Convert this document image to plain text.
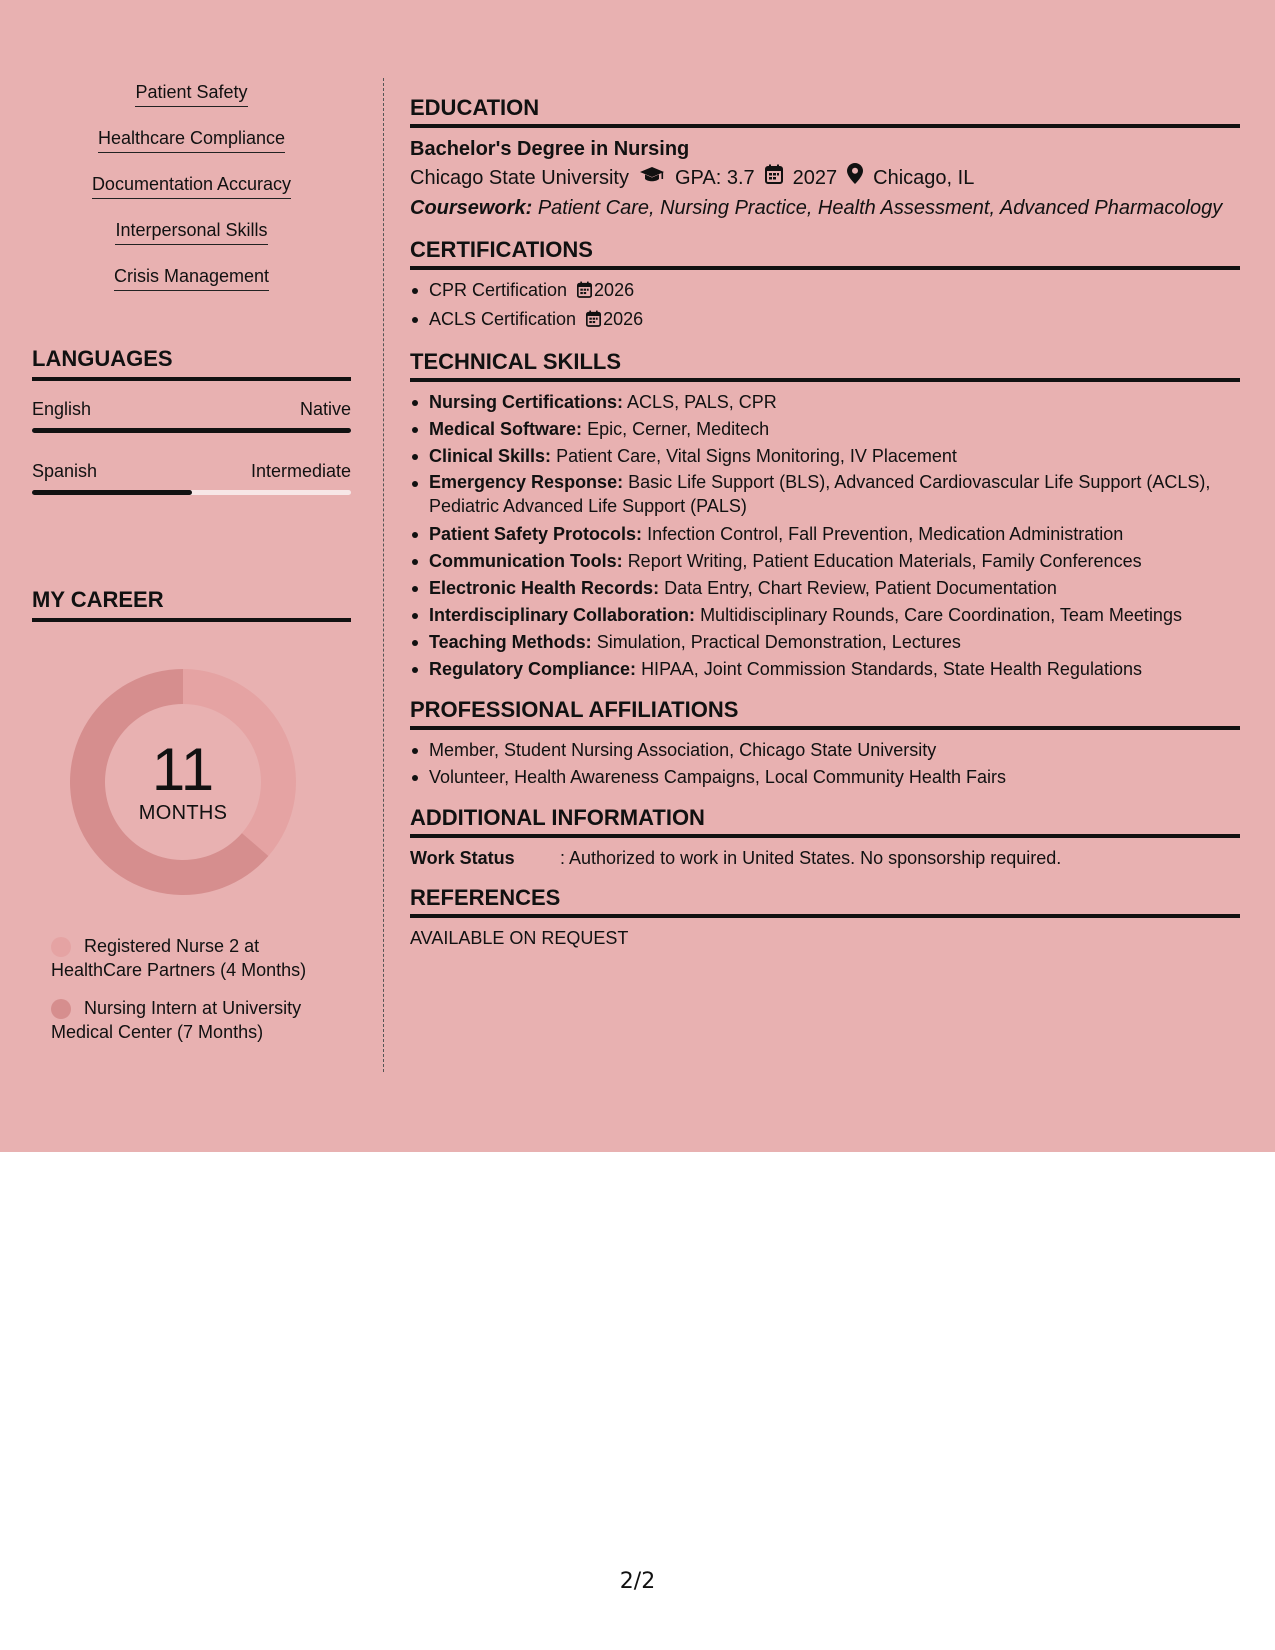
Patient Safety
Healthcare Compliance
Documentation Accuracy
Interpersonal Skills
Crisis Management
LANGUAGES
English	Native
Spanish	Intermediate
MY CAREER
11
MONTHS
Registered Nurse 2 at HealthCare Partners (4 Months)
Nursing Intern at University Medical Center (7 Months)
EDUCATION
Bachelor's Degree in Nursing
Chicago State University GPA: 3.7 2027 Chicago, IL
Coursework: Patient Care, Nursing Practice, Health Assessment, Advanced Pharmacology
CERTIFICATIONS
CPR Certification 2026
ACLS Certification 2026
TECHNICAL SKILLS
Nursing Certifications: ACLS, PALS, CPR
Medical Software: Epic, Cerner, Meditech
Clinical Skills: Patient Care, Vital Signs Monitoring, IV Placement
Emergency Response: Basic Life Support (BLS), Advanced Cardiovascular Life Support (ACLS), Pediatric Advanced Life Support (PALS)
Patient Safety Protocols: Infection Control, Fall Prevention, Medication Administration
Communication Tools: Report Writing, Patient Education Materials, Family Conferences
Electronic Health Records: Data Entry, Chart Review, Patient Documentation
Interdisciplinary Collaboration: Multidisciplinary Rounds, Care Coordination, Team Meetings
Teaching Methods: Simulation, Practical Demonstration, Lectures
Regulatory Compliance: HIPAA, Joint Commission Standards, State Health Regulations
PROFESSIONAL AFFILIATIONS
Member, Student Nursing Association, Chicago State University
Volunteer, Health Awareness Campaigns, Local Community Health Fairs
ADDITIONAL INFORMATION
Work Status	: Authorized to work in United States. No sponsorship required.
REFERENCES
AVAILABLE ON REQUEST
2/2
